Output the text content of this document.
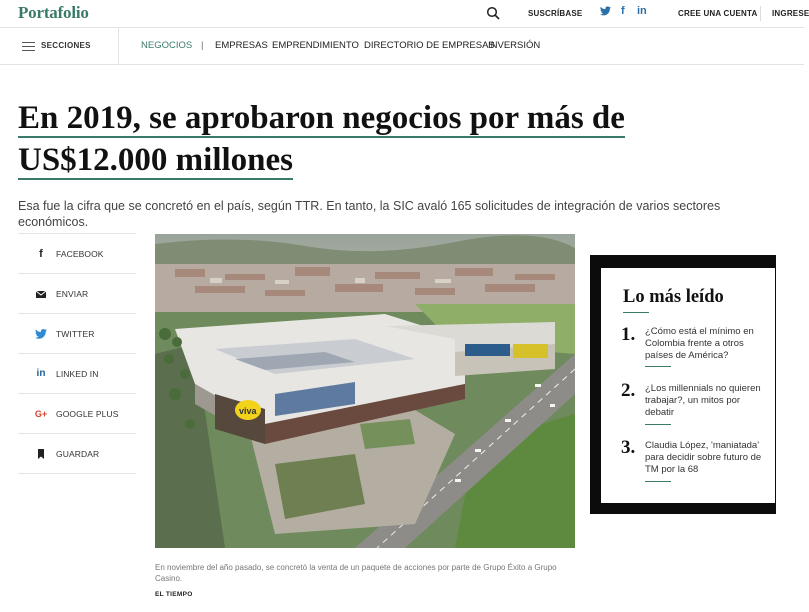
Portafolio	SUSCRÍBASE	f in	CREE UNA CUENTA INGRESE
SECCIONES	NEGOCIOS | EMPRESAS EMPRENDIMIENTO DIRECTORIO DE EMPRESAS
INVERSIÓN
En 2019, se aprobaron negocios por más de
US$12.000 millones

Esa fue la cifra que se concretó en el país, según TTR. En tanto, la SIC avaló 165 solicitudes de integración de varios sectores económicos.

f	FACEBOOK
ENVIAR
TWITTER
in LINKED IN
G+ GOOGLE PLUS
GUARDAR
viva
En noviembre del año pasado, se concretó la venta de un paquete de acciones por parte de Grupo Éxito a Grupo Casino.
EL TIEMPO
Lo más leído
1. ¿Cómo está el mínimo en Colombia frente a otros países de América?
2. ¿Los millennials no quieren trabajar?, un mitos por debatir
3. Claudia López, 'maniatada' para decidir sobre futuro de TM por la 68
